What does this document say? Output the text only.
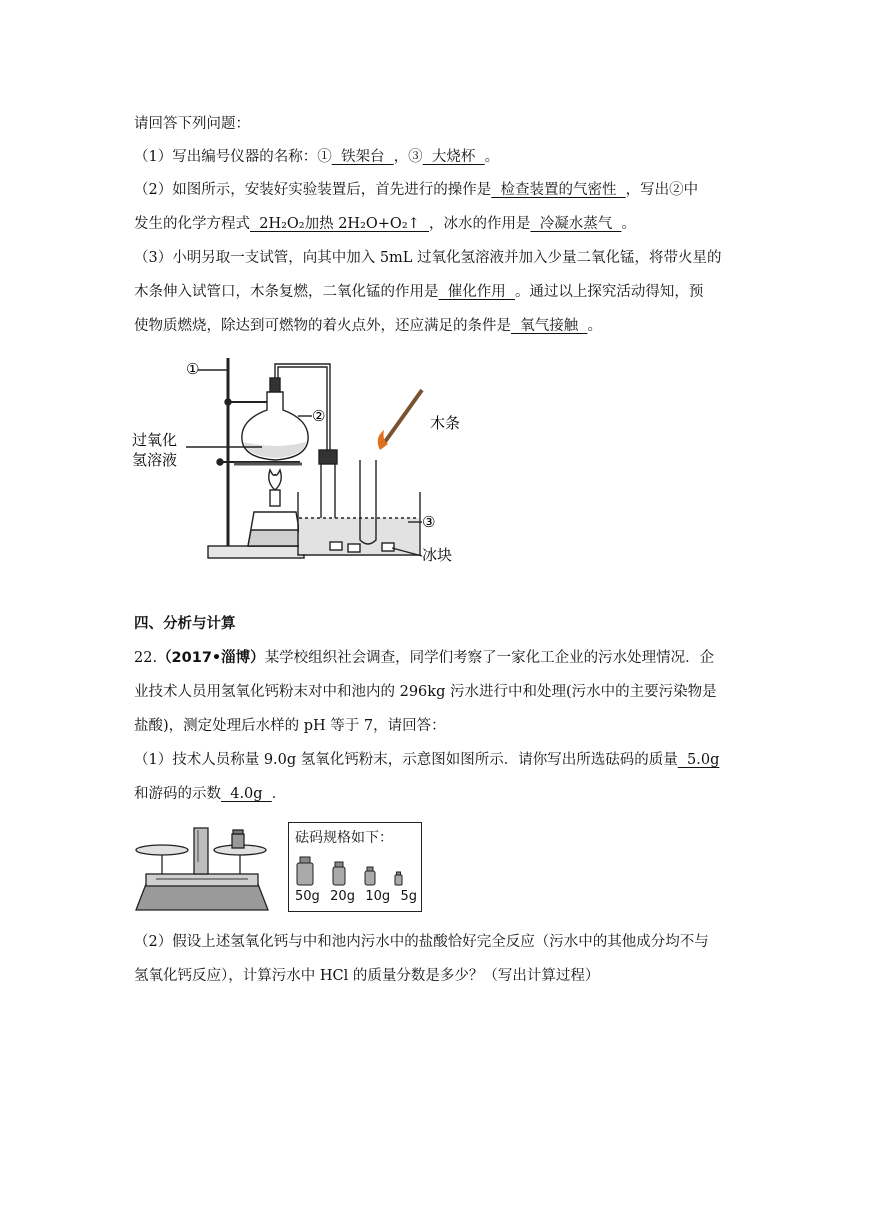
请回答下列问题：
（1）写出编号仪器的名称：①  铁架台  ，③  大烧杯  。
（2）如图所示，安装好实验装置后，首先进行的操作是  检查装置的气密性  ，写出②中
发生的化学方程式  2H₂O₂加热 2H₂O+O₂↑  ，冰水的作用是  冷凝水蒸气  。
（3）小明另取一支试管，向其中加入 5mL 过氧化氢溶液并加入少量二氧化锰，将带火星的
木条伸入试管口，木条复燃，二氧化锰的作用是  催化作用  。通过以上探究活动得知，预
使物质燃烧，除达到可燃物的着火点外，还应满足的条件是  氧气接触  。
①
②
③
过氧化
氢溶液
木条
冰块
四、分析与计算
22.（2017•淄博）某学校组织社会调查，同学们考察了一家化工企业的污水处理情况．企
业技术人员用氢氧化钙粉末对中和池内的 296kg 污水进行中和处理(污水中的主要污染物是
盐酸)，测定处理后水样的 pH 等于 7，请回答：
（1）技术人员称量 9.0g 氢氧化钙粉末，示意图如图所示．请你写出所选砝码的质量  5.0g
和游码的示数  4.0g  ．
砝码规格如下：
50g 20g 10g 5g
（2）假设上述氢氧化钙与中和池内污水中的盐酸恰好完全反应（污水中的其他成分均不与
氢氧化钙反应），计算污水中 HCl 的质量分数是多少？（写出计算过程）
